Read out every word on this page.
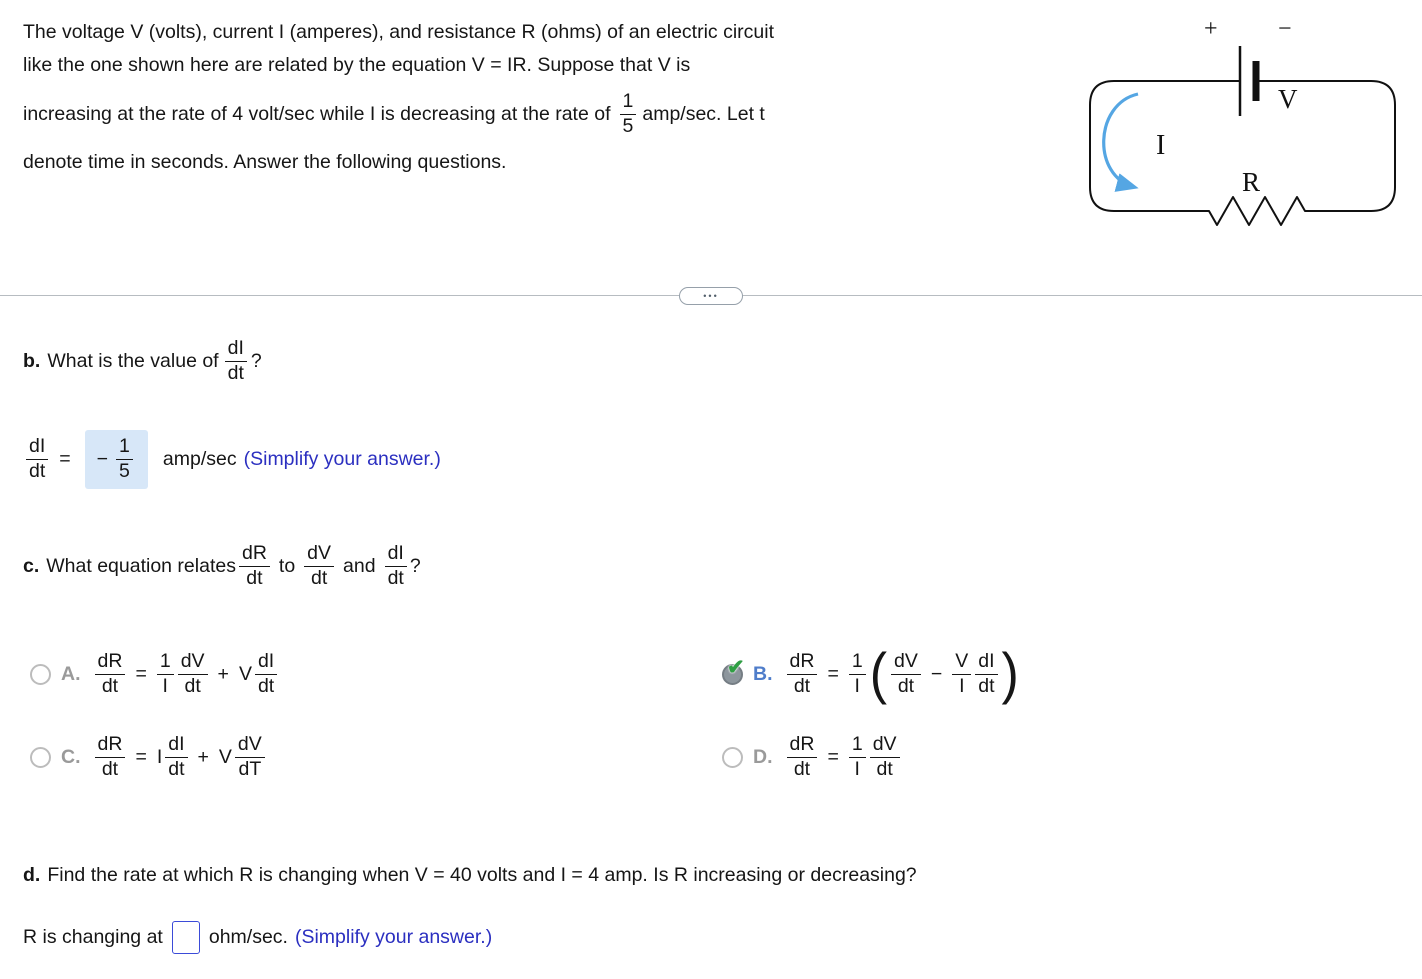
The voltage V (volts), current I (amperes), and resistance R (ohms) of an electric circuit
like the one shown here are related by the equation V = IR. Suppose that V is
increasing at the rate of 4 volt/sec while I is decreasing at the rate of $\frac{1}{5} amp/\sec$. Let t
denote time in seconds. Answer the following questions.
+	−
V
I
R
•••
b. What is the value of $\frac{dI}{dt}$ ?
$\frac{dI}{dt}$ = − $\frac{1}{5} amp/\sec$ (Simplify your answer.)
c. What equation relates $\frac{dR}{dt}$ to $\frac{dV}{dt}$ and $\frac{dI}{dt}$ ?
A. $\frac{dR}{dt} = \frac{1}{I} \frac{dV}{dt} + V \frac{dI}{dt}$	✔ B. $\frac{dR}{dt} = \frac{1}{I}$ ( $\frac{dV}{dt} - \frac{V}{I} \frac{dI}{dt}$ )
C. $\frac{dR}{dt} = I \frac{dI}{dt} + V \frac{dV}{dT}$	D. $\frac{dR}{dt} = \frac{1}{I} \frac{dV}{dt}$
d. Find the rate at which R is changing when V = 40 volts and I = 4 amp. Is R increasing or decreasing?
R is changing at ohm/sec. (Simplify your answer.)
